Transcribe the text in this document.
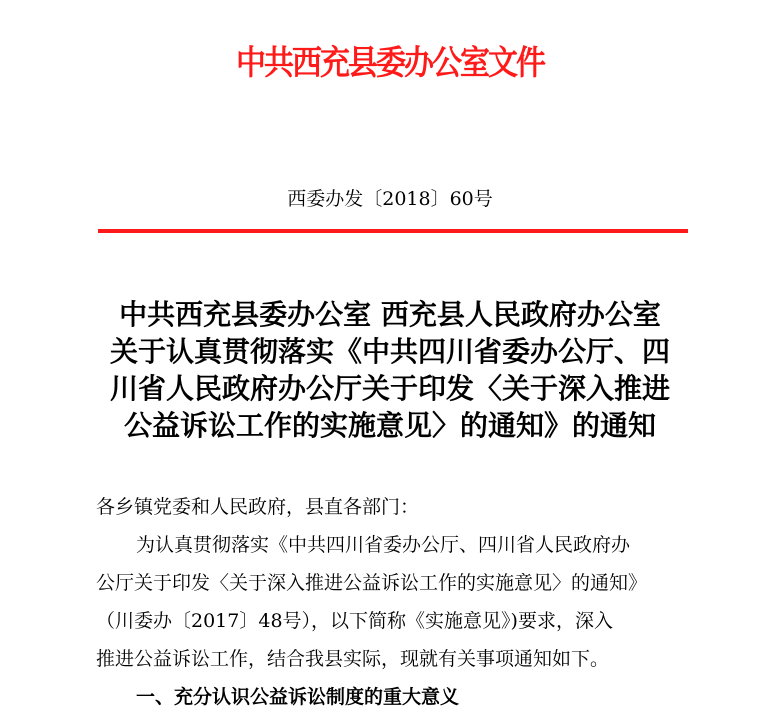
中共西充县委办公室文件
西委办发〔2018〕60号
中共西充县委办公室 西充县人民政府办公室
关于认真贯彻落实《中共四川省委办公厅、四
川省人民政府办公厅关于印发〈关于深入推进
公益诉讼工作的实施意见〉的通知》的通知
各乡镇党委和人民政府，县直各部门：
为认真贯彻落实《中共四川省委办公厅、四川省人民政府办
公厅关于印发〈关于深入推进公益诉讼工作的实施意见〉的通知》
（川委办〔2017〕48号），以下简称《实施意见》)要求，深入
推进公益诉讼工作，结合我县实际，现就有关事项通知如下。
一、充分认识公益诉讼制度的重大意义
